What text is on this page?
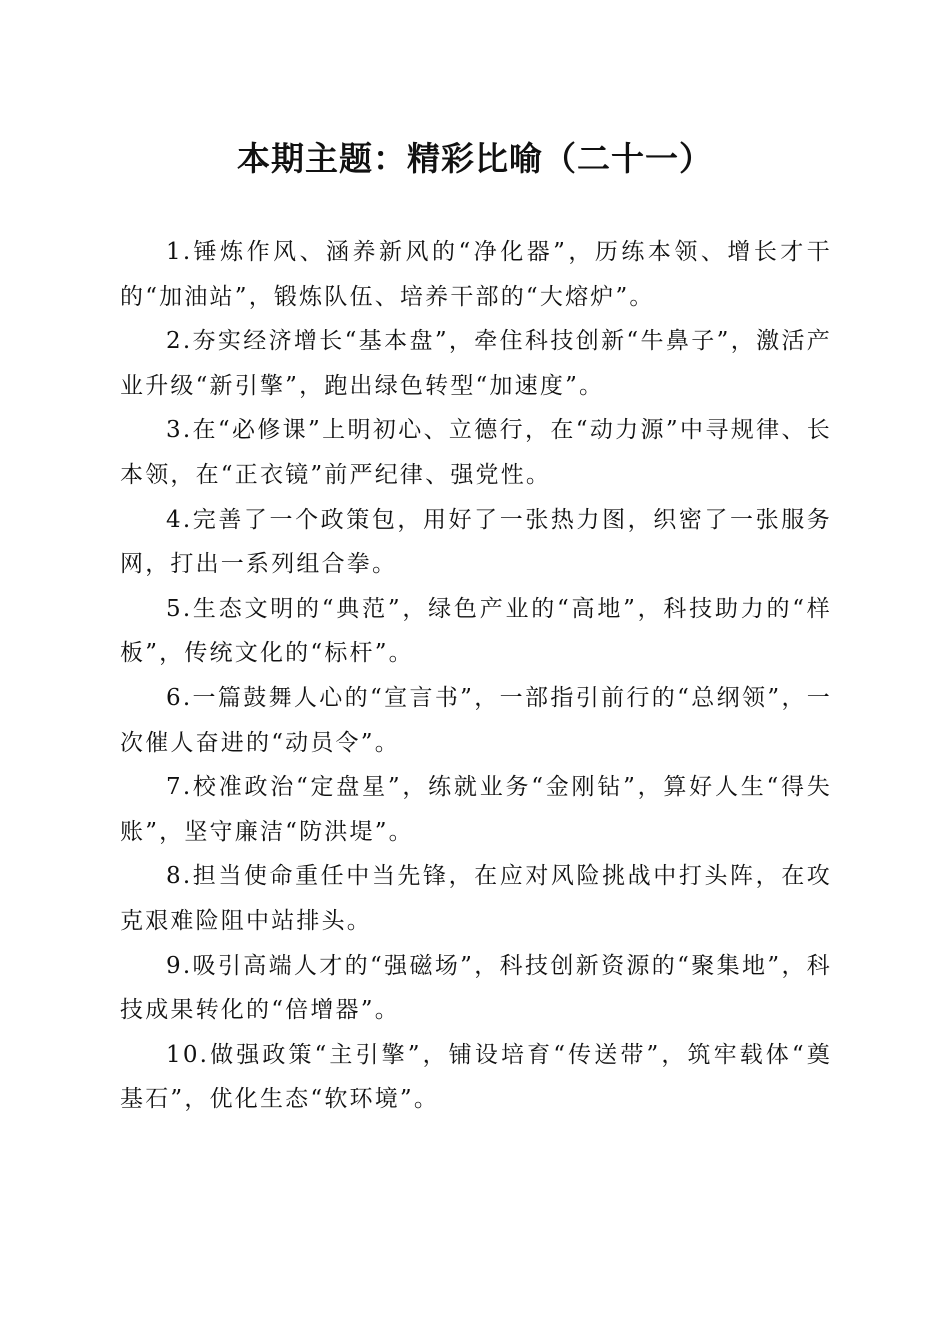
本期主题：精彩比喻（二十一）

1.锤炼作风、涵养新风的“净化器”，历练本领、增长才干的“加油站”，锻炼队伍、培养干部的“大熔炉”。

2.夯实经济增长“基本盘”，牵住科技创新“牛鼻子”，激活产业升级“新引擎”，跑出绿色转型“加速度”。

3.在“必修课”上明初心、立德行，在“动力源”中寻规律、长本领，在“正衣镜”前严纪律、强党性。

4.完善了一个政策包，用好了一张热力图，织密了一张服务网，打出一系列组合拳。

5.生态文明的“典范”，绿色产业的“高地”，科技助力的“样板”，传统文化的“标杆”。

6.一篇鼓舞人心的“宣言书”，一部指引前行的“总纲领”，一次催人奋进的“动员令”。

7.校准政治“定盘星”，练就业务“金刚钻”，算好人生“得失账”，坚守廉洁“防洪堤”。

8.担当使命重任中当先锋，在应对风险挑战中打头阵，在攻克艰难险阻中站排头。

9.吸引高端人才的“强磁场”，科技创新资源的“聚集地”，科技成果转化的“倍增器”。

10.做强政策“主引擎”，铺设培育“传送带”，筑牢载体“奠基石”，优化生态“软环境”。
